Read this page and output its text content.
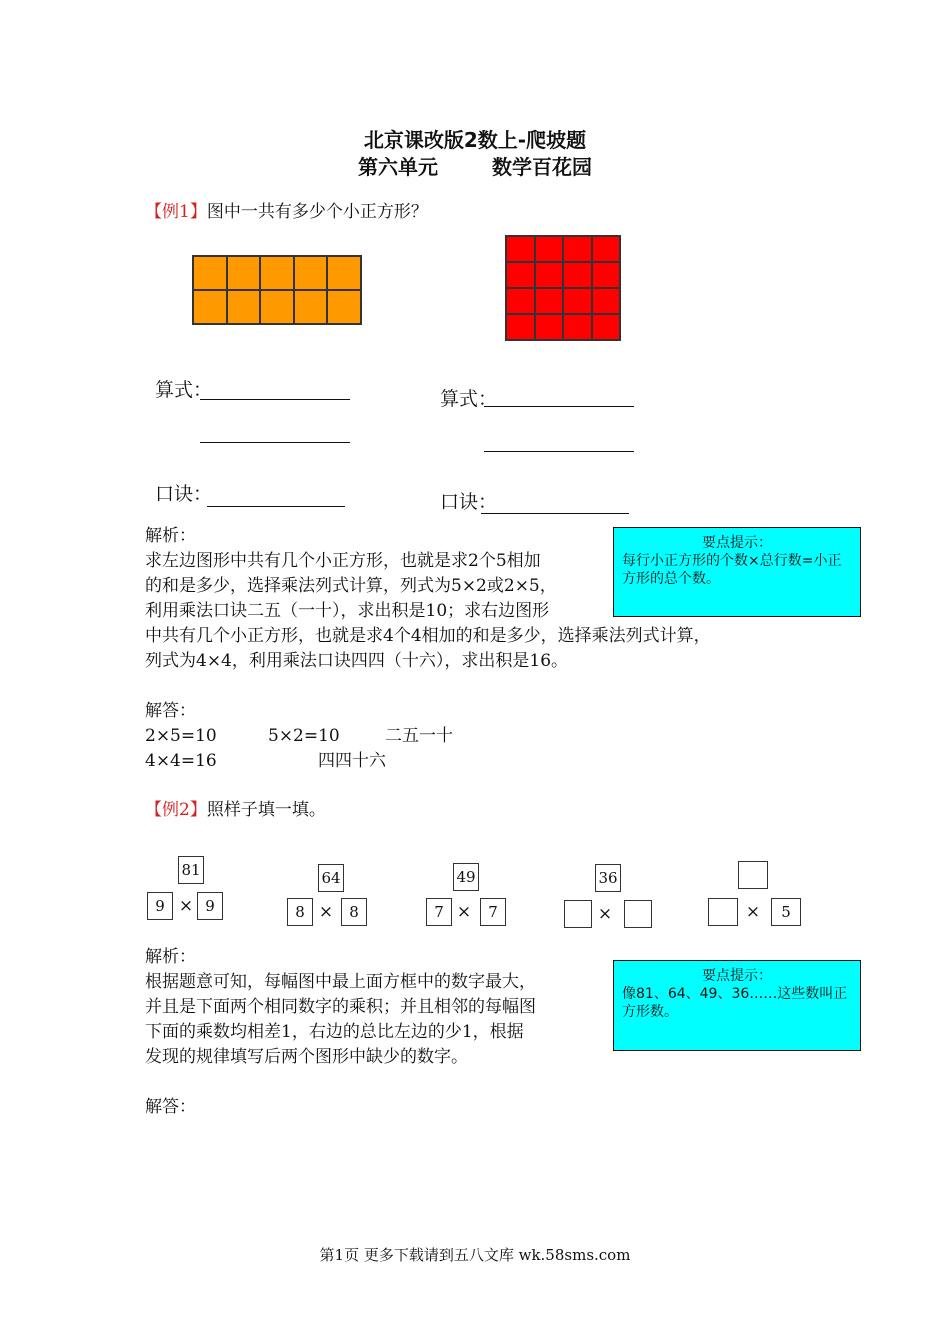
北京课改版2数上-爬坡题
第六单元	数学百花园
【例1】图中一共有多少个小正方形？
算式：
口诀：
算式：
口诀：
解析：
求左边图形中共有几个小正方形，也就是求2个5相加
的和是多少，选择乘法列式计算，列式为5×2或2×5，
利用乘法口诀二五（一十），求出积是10；求右边图形
中共有几个小正方形，也就是求4个4相加的和是多少，选择乘法列式计算，
列式为4×4，利用乘法口诀四四（十六），求出积是16。
要点提示：
每行小正方形的个数×总行数=小正方形的总个数。
解答：
2×5=10	5×2=10	二五一十
4×4=16	四四十六
【例2】照样子填一填。
81
9 × 9
64
8 ×	8
49
7 ×	7
36
×	×	5
解析：
根据题意可知，每幅图中最上面方框中的数字最大，
并且是下面两个相同数字的乘积；并且相邻的每幅图
下面的乘数均相差1，右边的总比左边的少1，根据
发现的规律填写后两个图形中缺少的数字。
要点提示：
像81、64、49、36……这些数叫正方形数。
解答：
第1页 更多下载请到五八文库 wk.58sms.com
